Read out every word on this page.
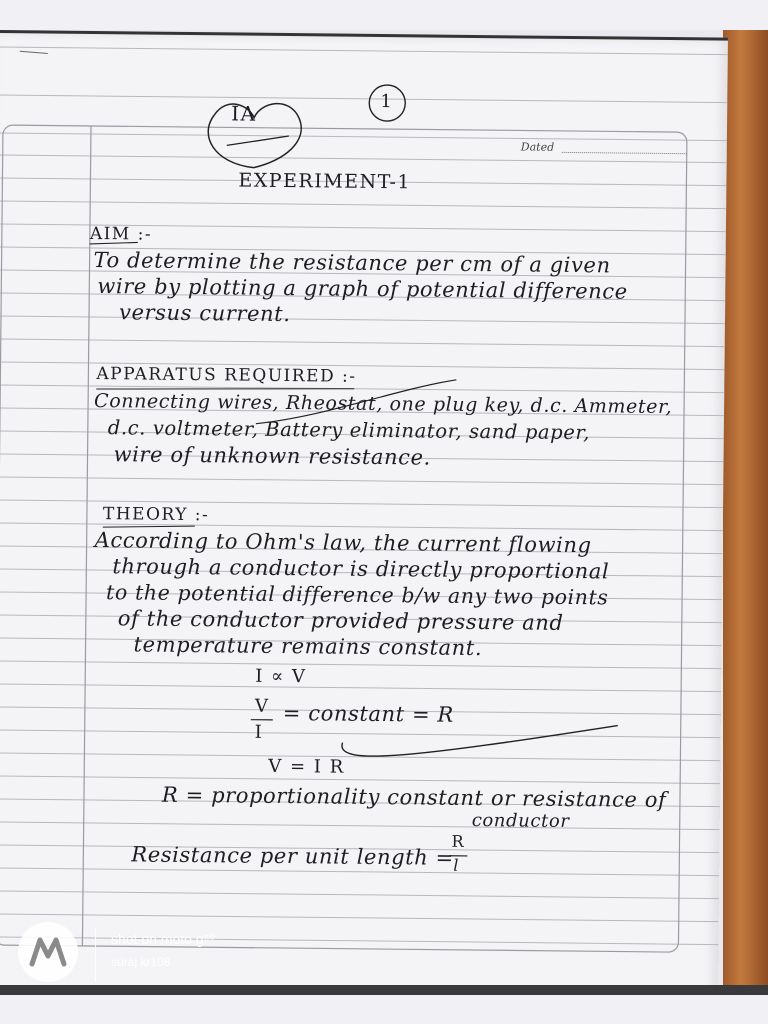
IA	1
Dated
EXPERIMENT-1
AIM :-
To determine the resistance per cm of a given
wire by plotting a graph of potential difference
versus current.
APPARATUS REQUIRED :-
Connecting wires, Rheostat, one plug key, d.c. Ammeter,
d.c. voltmeter, Battery eliminator, sand paper,
wire of unknown resistance.
THEORY :-
According to Ohm's law, the current flowing
through a conductor is directly proportional
to the potential difference b/w any two points
of the conductor provided pressure and
temperature remains constant.
I ∝ V
V
I
= constant = R
V = I R
R = proportionality constant or resistance of
conductor
Resistance per unit length =
R
l
shot on moto g⁶⁰
sūraj kr108
